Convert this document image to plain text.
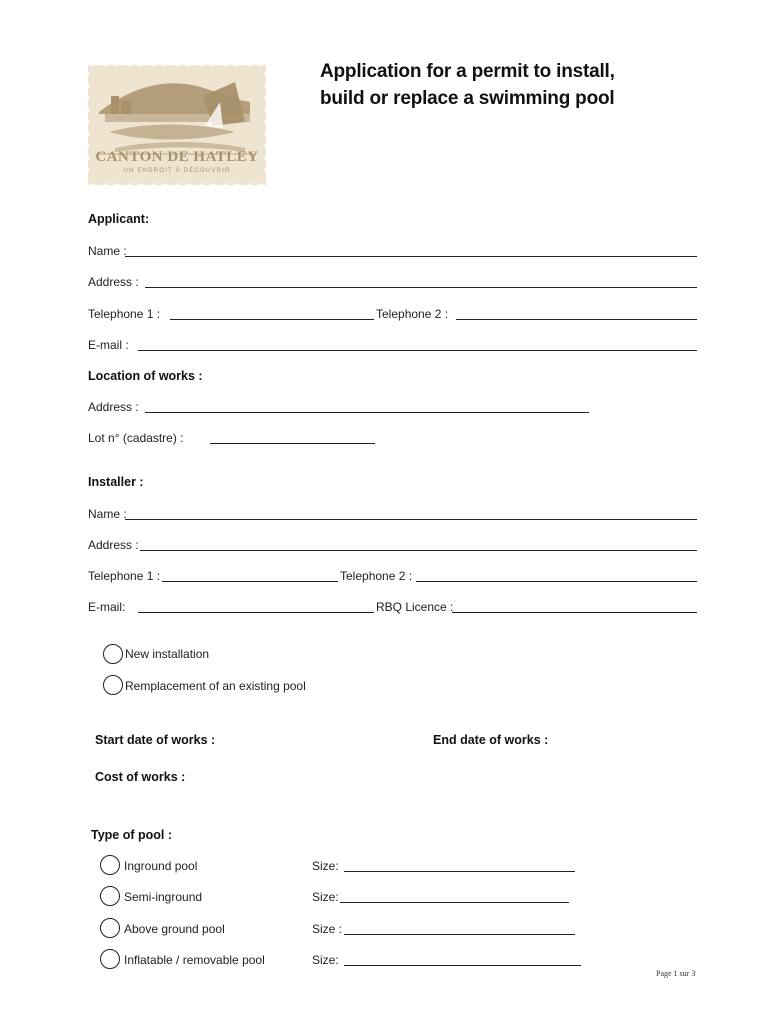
CANTON DE HATLEY
UN ENDROIT À DÉCOUVRIR
Application for a permit to install,
build or replace a swimming pool
Applicant:
Name :
Address :
Telephone 1 :	Telephone 2 :
E-mail :
Location of works :
Address :
Lot n° (cadastre) :
Installer :
Name :
Address :
Telephone 1 :	Telephone 2 :
E-mail:	RBQ Licence :
New installation
Remplacement of an existing pool
Start date of works :	End date of works :
Cost of works :
Type of pool :
Inground pool	Size:
Semi-inground	Size:
Above ground pool	Size :
Inflatable / removable pool	Size:
Page 1 sur 3
